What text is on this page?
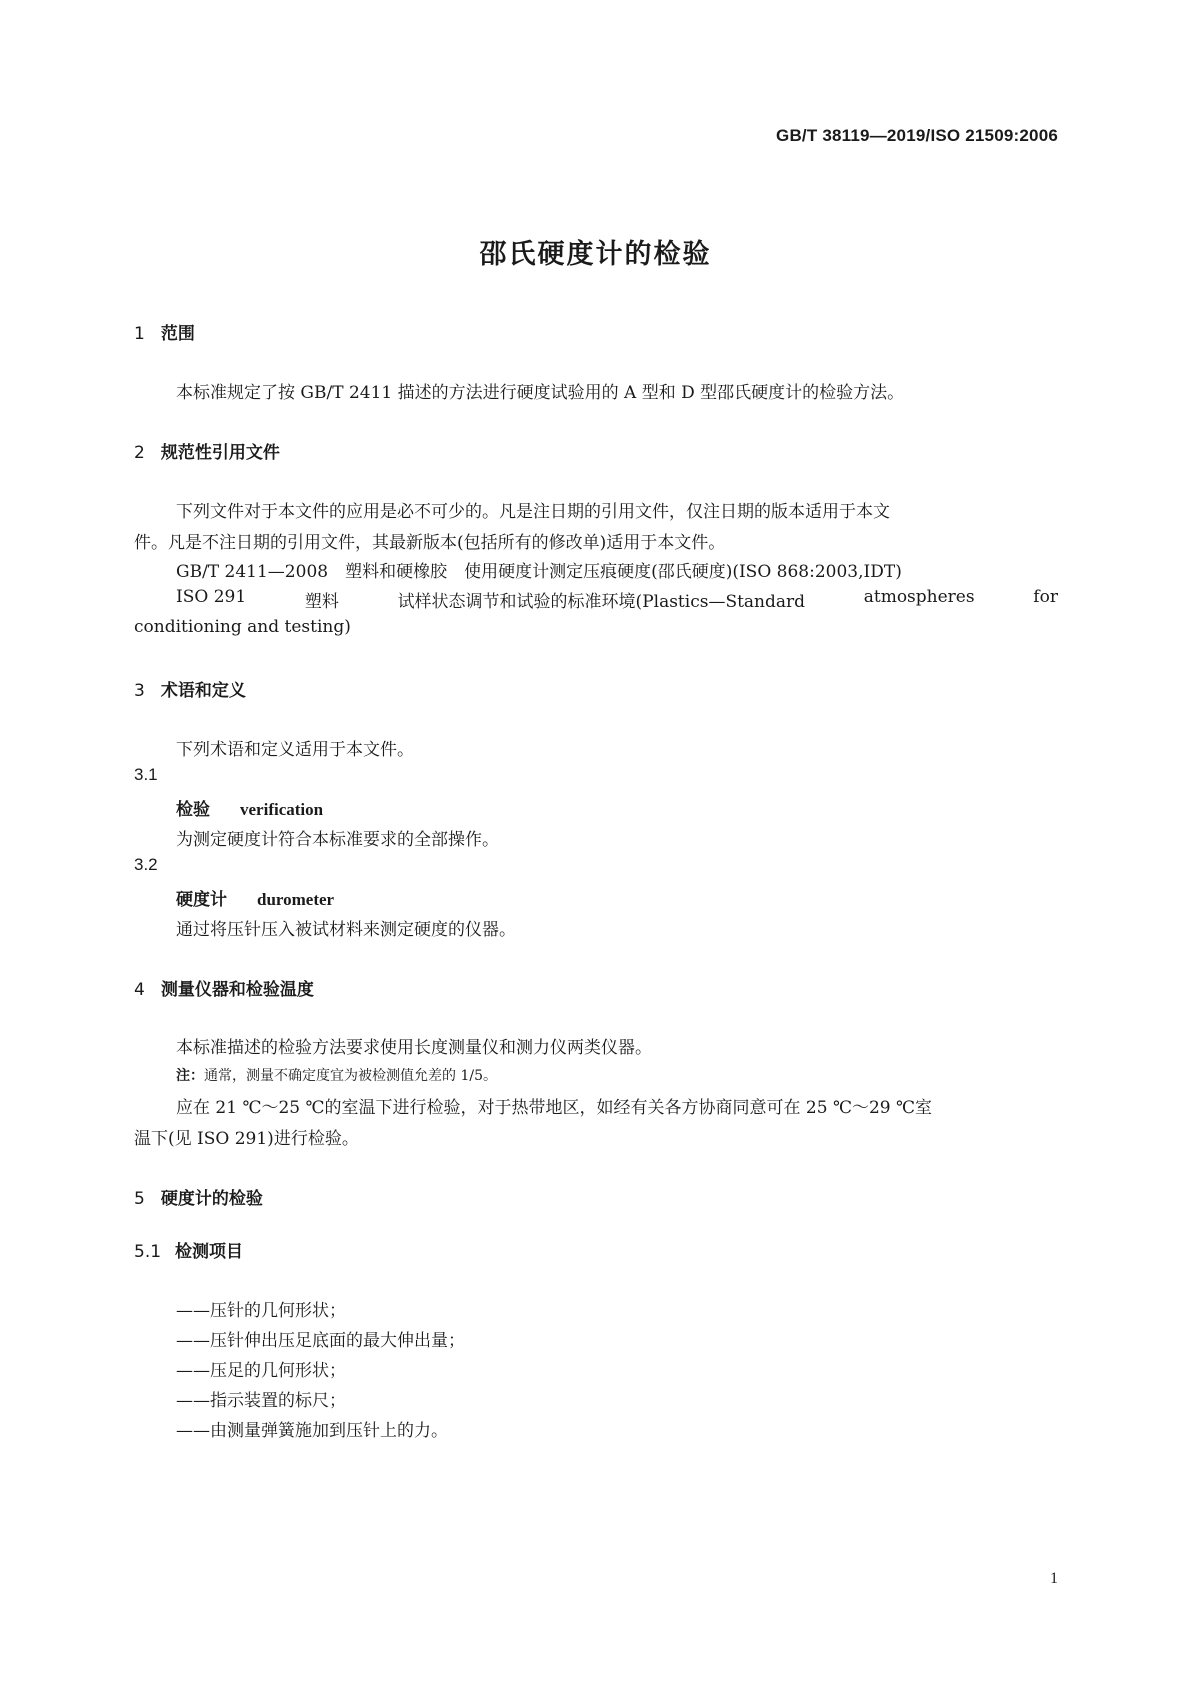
GB/T 38119—2019/ISO 21509:2006
邵氏硬度计的检验
1 范围
本标准规定了按 GB/T 2411 描述的方法进行硬度试验用的 A 型和 D 型邵氏硬度计的检验方法。
2 规范性引用文件
下列文件对于本文件的应用是必不可少的。凡是注日期的引用文件，仅注日期的版本适用于本文
件。凡是不注日期的引用文件，其最新版本(包括所有的修改单)适用于本文件。
GB/T 2411—2008　塑料和硬橡胶　使用硬度计测定压痕硬度(邵氏硬度)(ISO 868:2003,IDT)
ISO 291	塑料	试样状态调节和试验的标准环境(Plastics—Standard	atmospheres	for
conditioning and testing)
3 术语和定义
下列术语和定义适用于本文件。
3.1
检验 verification
为测定硬度计符合本标准要求的全部操作。
3.2
硬度计 durometer
通过将压针压入被试材料来测定硬度的仪器。
4 测量仪器和检验温度
本标准描述的检验方法要求使用长度测量仪和测力仪两类仪器。
注：通常，测量不确定度宜为被检测值允差的 1/5。
应在 21 ℃～25 ℃的室温下进行检验，对于热带地区，如经有关各方协商同意可在 25 ℃～29 ℃室
温下(见 ISO 291)进行检验。
5 硬度计的检验
5.1 检测项目
——压针的几何形状；
——压针伸出压足底面的最大伸出量；
——压足的几何形状；
——指示装置的标尺；
——由测量弹簧施加到压针上的力。
1
